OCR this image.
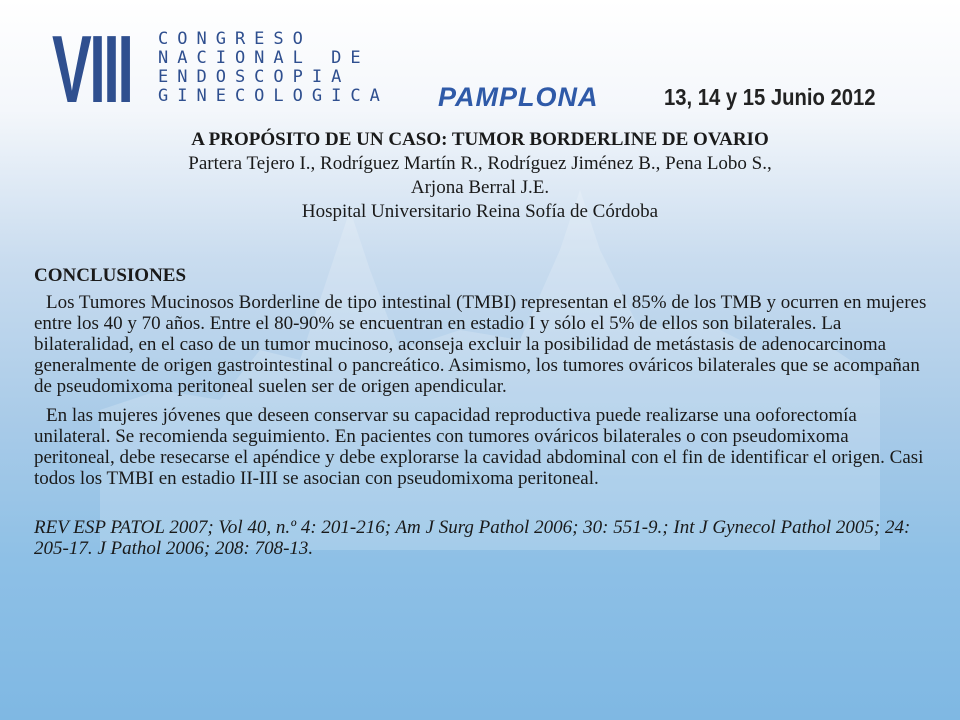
VIII CONGRESO
NACIONAL DE
ENDOSCOPIA
GINECOLOGICA PAMPLONA	13, 14 y 15 Junio 2012

A PROPÓSITO DE UN CASO: TUMOR BORDERLINE DE OVARIO

Partera Tejero I., Rodríguez Martín R., Rodríguez Jiménez B., Pena Lobo S.,

Arjona Berral J.E.

Hospital Universitario Reina Sofía de Córdoba

CONCLUSIONES

Los Tumores Mucinosos Borderline de tipo intestinal (TMBI) representan el 85% de los TMB y ocurren en mujeres entre los 40 y 70 años. Entre el 80-90% se encuentran en estadio I y sólo el 5% de ellos son bilaterales. La bilateralidad, en el caso de un tumor mucinoso, aconseja excluir la posibilidad de metástasis de adenocarcinoma generalmente de origen gastrointestinal o pancreático. Asimismo, los tumores ováricos bilaterales que se acompañan de pseudomixoma peritoneal suelen ser de origen apendicular.

En las mujeres jóvenes que deseen conservar su capacidad reproductiva puede realizarse una ooforectomía unilateral. Se recomienda seguimiento. En pacientes con tumores ováricos bilaterales o con pseudomixoma peritoneal, debe resecarse el apéndice y debe explorarse la cavidad abdominal con el fin de identificar el origen. Casi todos los TMBI en estadio II-III se asocian con pseudomixoma peritoneal.

REV ESP PATOL 2007; Vol 40, n.º 4: 201-216; Am J Surg Pathol 2006; 30: 551-9.; Int J Gynecol Pathol 2005; 24: 205-17. J Pathol 2006; 208: 708-13.
